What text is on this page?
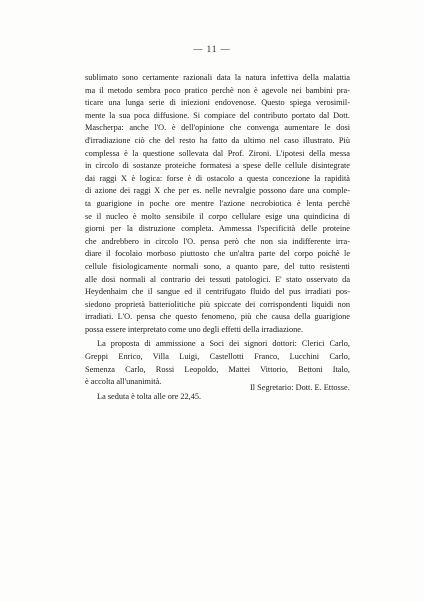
— 11 —
sublimato sono certamente razionali data la natura infettiva della malattia
ma il metodo sembra poco pratico perchè non è agevole nei bambini pra-
ticare una lunga serie di iniezioni endovenose. Questo spiega verosimil-
mente la sua poca diffusione. Si compiace del contributo portato dal Dott.
Mascherpa: anche l'O. è dell'opinione che convenga aumentare le dosi
d'irradiazione ciò che del resto ha fatto da ultimo nel caso illustrato. Più
complessa è la questione sollevata dal Prof. Zironi. L'ipotesi della messa
in circolo di sostanze proteiche formatesi a spese delle cellule disintegrate
dai raggi X è logica: forse è di ostacolo a questa concezione la rapidità
di azione dei raggi X che per es. nelle nevralgie possono dare una comple-
ta guarigione in poche ore mentre l'azione necrobiotica è lenta perchè
se il nucleo è molto sensibile il corpo cellulare esige una quindicina di
giorni per la distruzione completa. Ammessa l'specificità delle proteine
che andrebbero in circolo l'O. pensa però che non sia indifferente irra-
diare il focolaio morboso piuttosto che un'altra parte del corpo poichè le
cellule fisiologicamente normali sono, a quanto pare, del tutto resistenti
alle dosi normali al contrario dei tessuti patologici. E' stato osservato da
Heydenhaim che il sangue ed il centrifugato fluido del pus irradiati pos-
siedono proprietà batteriolitiche più spiccate dei corrispondenti liquidi non
irradiati. L'O. pensa che questo fenomeno, più che causa della guarigione
possa essere interpretato come uno degli effetti della irradiazione.
La proposta di ammissione a Soci dei signori dottori: Clerici Carlo,
Greppi Enrico, Villa Luigi, Castellotti Franco, Lucchini Carlo,
Semenza Carlo, Rossi Leopoldo, Mattei Vittorio, Bettoni Italo,
è accolta all'unanimità.
La seduta è tolta alle ore 22,45.
Il Segretario: Dott. E. Ettosse.
